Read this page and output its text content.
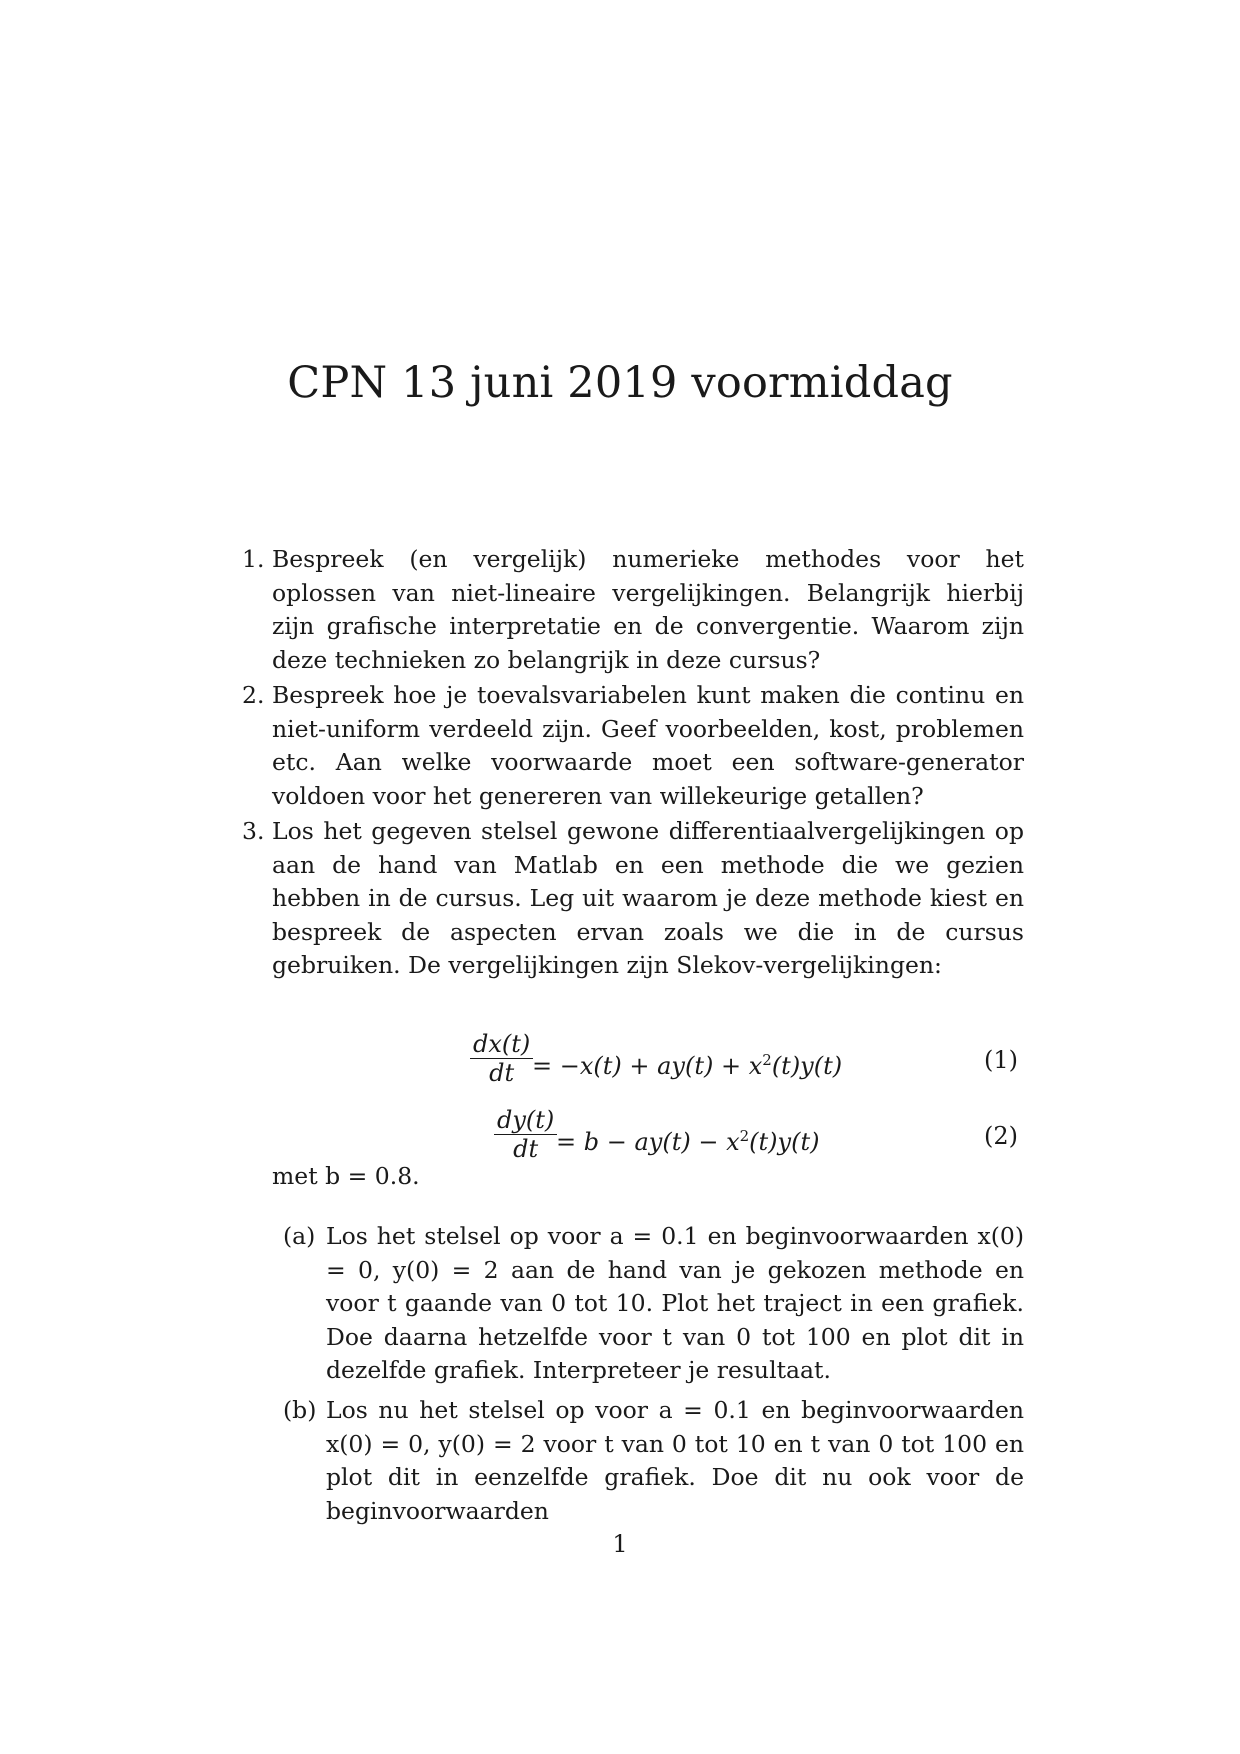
CPN 13 juni 2019 voormiddag
1. Bespreek (en vergelijk) numerieke methodes voor het oplossen van niet-lineaire vergelijkingen. Belangrijk hierbij zijn grafische interpretatie en de convergentie. Waarom zijn deze technieken zo belangrijk in deze cursus?
2. Bespreek hoe je toevalsvariabelen kunt maken die continu en niet-uniform verdeeld zijn. Geef voorbeelden, kost, problemen etc. Aan welke voorwaarde moet een software-generator voldoen voor het genereren van willekeurige getallen?
3. Los het gegeven stelsel gewone differentiaalvergelijkingen op aan de hand van Matlab en een methode die we gezien hebben in de cursus. Leg uit waarom je deze methode kiest en bespreek de aspecten ervan zoals we die in de cursus gebruiken. De vergelijkingen zijn Slekov-vergelijkingen:
dx(t)
dt = $-x(t) + ay(t) + x^2(t)y(t)$	(1)
dy(t)
dt = $b - ay(t) - x^2(t)y(t)$	(2)
met b = 0.8.
(a) Los het stelsel op voor a = 0.1 en beginvoorwaarden x(0) = 0, y(0) = 2 aan de hand van je gekozen methode en voor t gaande van 0 tot 10. Plot het traject in een grafiek. Doe daarna hetzelfde voor t van 0 tot 100 en plot dit in dezelfde grafiek. Interpreteer je resultaat.
(b) Los nu het stelsel op voor a = 0.1 en beginvoorwaarden x(0) = 0, y(0) = 2 voor t van 0 tot 10 en t van 0 tot 100 en plot dit in eenzelfde grafiek. Doe dit nu ook voor de beginvoorwaarden
1
